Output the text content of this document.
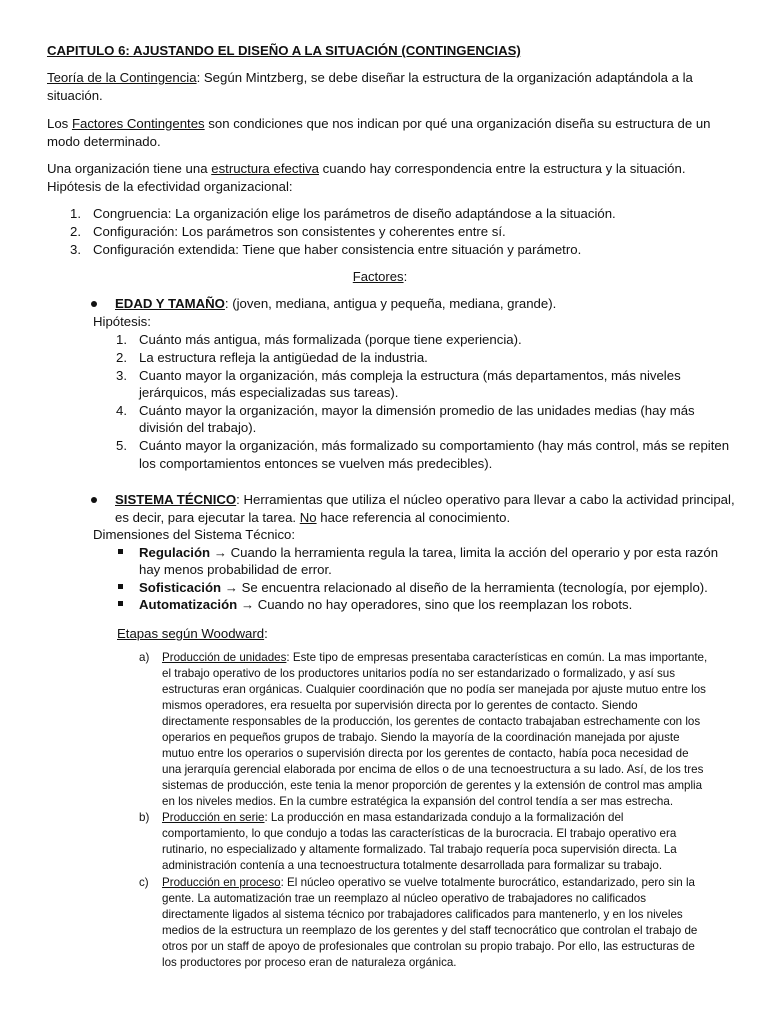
CAPITULO 6: AJUSTANDO EL DISEÑO A LA SITUACIÓN (CONTINGENCIAS)
Teoría de la Contingencia: Según Mintzberg, se debe diseñar la estructura de la organización adaptándola a la
situación.
Los Factores Contingentes son condiciones que nos indican por qué una organización diseña su estructura de un
modo determinado.
Una organización tiene una estructura efectiva cuando hay correspondencia entre la estructura y la situación.
Hipótesis de la efectividad organizacional:
1. Congruencia: La organización elige los parámetros de diseño adaptándose a la situación.
2. Configuración: Los parámetros son consistentes y coherentes entre sí.
3. Configuración extendida: Tiene que haber consistencia entre situación y parámetro.
Factores:
EDAD Y TAMAÑO: (joven, mediana, antigua y pequeña, mediana, grande).
Hipótesis:
1. Cuánto más antigua, más formalizada (porque tiene experiencia).
2. La estructura refleja la antigüedad de la industria.
3. Cuanto mayor la organización, más compleja la estructura (más departamentos, más niveles
jerárquicos, más especializadas sus tareas).
4. Cuánto mayor la organización, mayor la dimensión promedio de las unidades medias (hay más
división del trabajo).
5. Cuánto mayor la organización, más formalizado su comportamiento (hay más control, más se repiten
los comportamientos entonces se vuelven más predecibles).
SISTEMA TÉCNICO: Herramientas que utiliza el núcleo operativo para llevar a cabo la actividad principal,
es decir, para ejecutar la tarea. No hace referencia al conocimiento.
Dimensiones del Sistema Técnico:
Regulación → Cuando la herramienta regula la tarea, limita la acción del operario y por esta razón
hay menos probabilidad de error.
Sofisticación → Se encuentra relacionado al diseño de la herramienta (tecnología, por ejemplo).
Automatización → Cuando no hay operadores, sino que los reemplazan los robots.
Etapas según Woodward:
a) Producción de unidades: Este tipo de empresas presentaba características en común. La mas importante,
el trabajo operativo de los productores unitarios podía no ser estandarizado o formalizado, y así sus
estructuras eran orgánicas. Cualquier coordinación que no podía ser manejada por ajuste mutuo entre los
mismos operadores, era resuelta por supervisión directa por lo gerentes de contacto. Siendo
directamente responsables de la producción, los gerentes de contacto trabajaban estrechamente con los
operarios en pequeños grupos de trabajo. Siendo la mayoría de la coordinación manejada por ajuste
mutuo entre los operarios o supervisión directa por los gerentes de contacto, había poca necesidad de
una jerarquía gerencial elaborada por encima de ellos o de una tecnoestructura a su lado. Así, de los tres
sistemas de producción, este tenia la menor proporción de gerentes y la extensión de control mas amplia
en los niveles medios. En la cumbre estratégica la expansión del control tendía a ser mas estrecha.
b) Producción en serie: La producción en masa estandarizada condujo a la formalización del
comportamiento, lo que condujo a todas las características de la burocracia. El trabajo operativo era
rutinario, no especializado y altamente formalizado. Tal trabajo requería poca supervisión directa. La
administración contenía a una tecnoestructura totalmente desarrollada para formalizar su trabajo.
c) Producción en proceso: El núcleo operativo se vuelve totalmente burocrático, estandarizado, pero sin la
gente. La automatización trae un reemplazo al núcleo operativo de trabajadores no calificados
directamente ligados al sistema técnico por trabajadores calificados para mantenerlo, y en los niveles
medios de la estructura un reemplazo de los gerentes y del staff tecnocrático que controlan el trabajo de
otros por un staff de apoyo de profesionales que controlan su propio trabajo. Por ello, las estructuras de
los productores por proceso eran de naturaleza orgánica.
